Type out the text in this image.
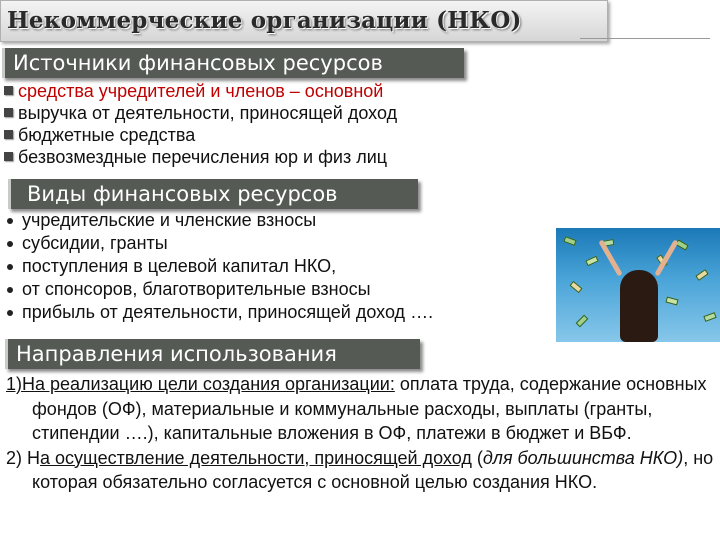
Некоммерческие организации (НКО)
Источники финансовых ресурсов
средства учредителей и членов – основной
выручка от деятельности, приносящей доход
бюджетные средства
безвозмездные перечисления юр и физ лиц
Виды финансовых ресурсов
учредительские и членские взносы
субсидии, гранты
поступления в целевой капитал НКО,
от спонсоров, благотворительные взносы
прибыль от деятельности, приносящей доход ….
Направления использования

1)На реализацию цели создания организации: оплата труда, содержание основных фондов (ОФ), материальные и коммунальные расходы, выплаты (гранты, стипендии ….), капитальные вложения в ОФ, платежи в бюджет и ВБФ.

2) На осуществление деятельности, приносящей доход (для большинства НКО), но которая обязательно согласуется с основной целью создания НКО.
